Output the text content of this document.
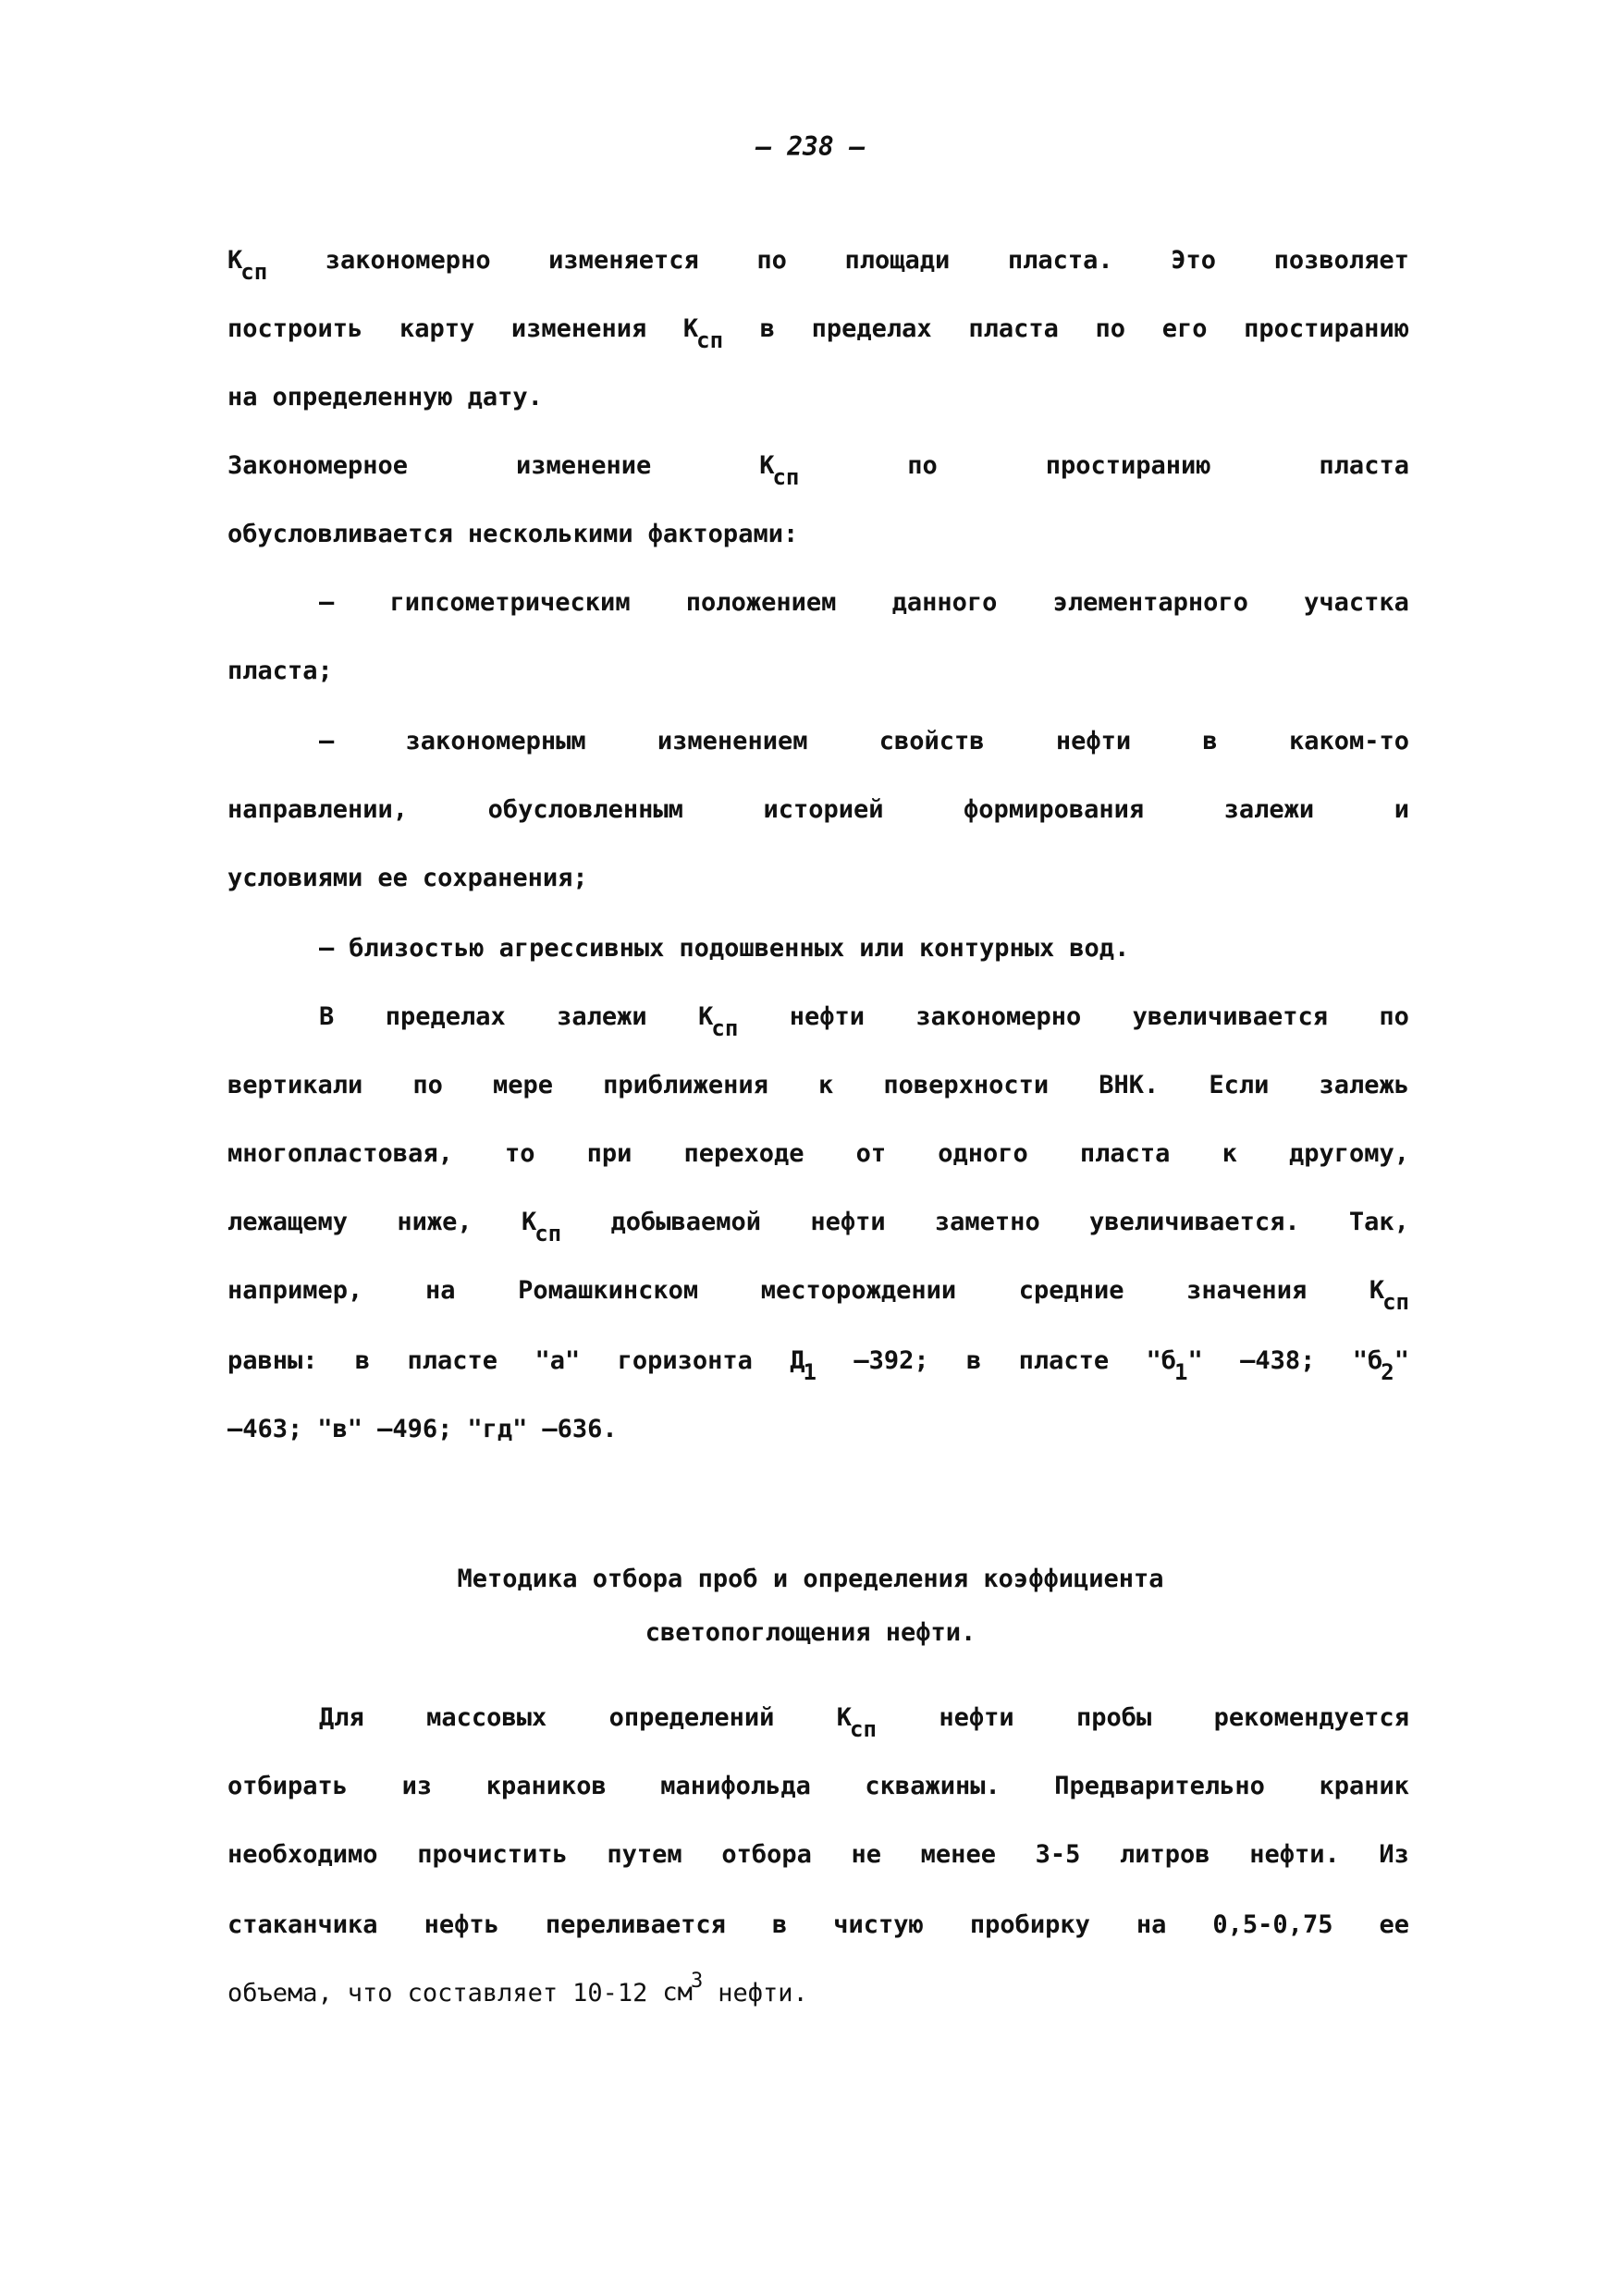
– 238 –
Ксп закономерно изменяется по площади пласта. Это позволяет
построить карту изменения Ксп в пределах пласта по его простиранию
на определенную дату.
Закономерное	изменение	Ксп	по	простиранию	пласта
обусловливается несколькими факторами:
– гипсометрическим положением данного элементарного участка
пласта;
–	закономерным	изменением	свойств	нефти	в	каком-то
направлении,	обусловленным	историей	формирования	залежи	и
условиями ее сохранения;
– близостью агрессивных подошвенных или контурных вод.
В пределах залежи Ксп нефти закономерно увеличивается по
вертикали по мере приближения к поверхности ВНК. Если залежь
многопластовая, то при переходе от одного пласта к другому,
лежащему ниже, Ксп добываемой нефти заметно увеличивается. Так,
например,	на	Ромашкинском	месторождении	средние	значения	Ксп
равны: в пласте "а" горизонта Д1 –392; в пласте "б1" –438; "б2"
–463; "в" –496; "гд" –636.
Методика отбора проб и определения коэффициента
светопоглощения нефти.
Для массовых определений Ксп нефти пробы рекомендуется
отбирать из краников манифольда скважины. Предварительно краник
необходимо прочистить путем отбора не менее 3-5 литров нефти. Из
стаканчика нефть переливается в чистую пробирку на 0,5-0,75 ее
объема, что составляет 10-12 $см^3$ нефти.
